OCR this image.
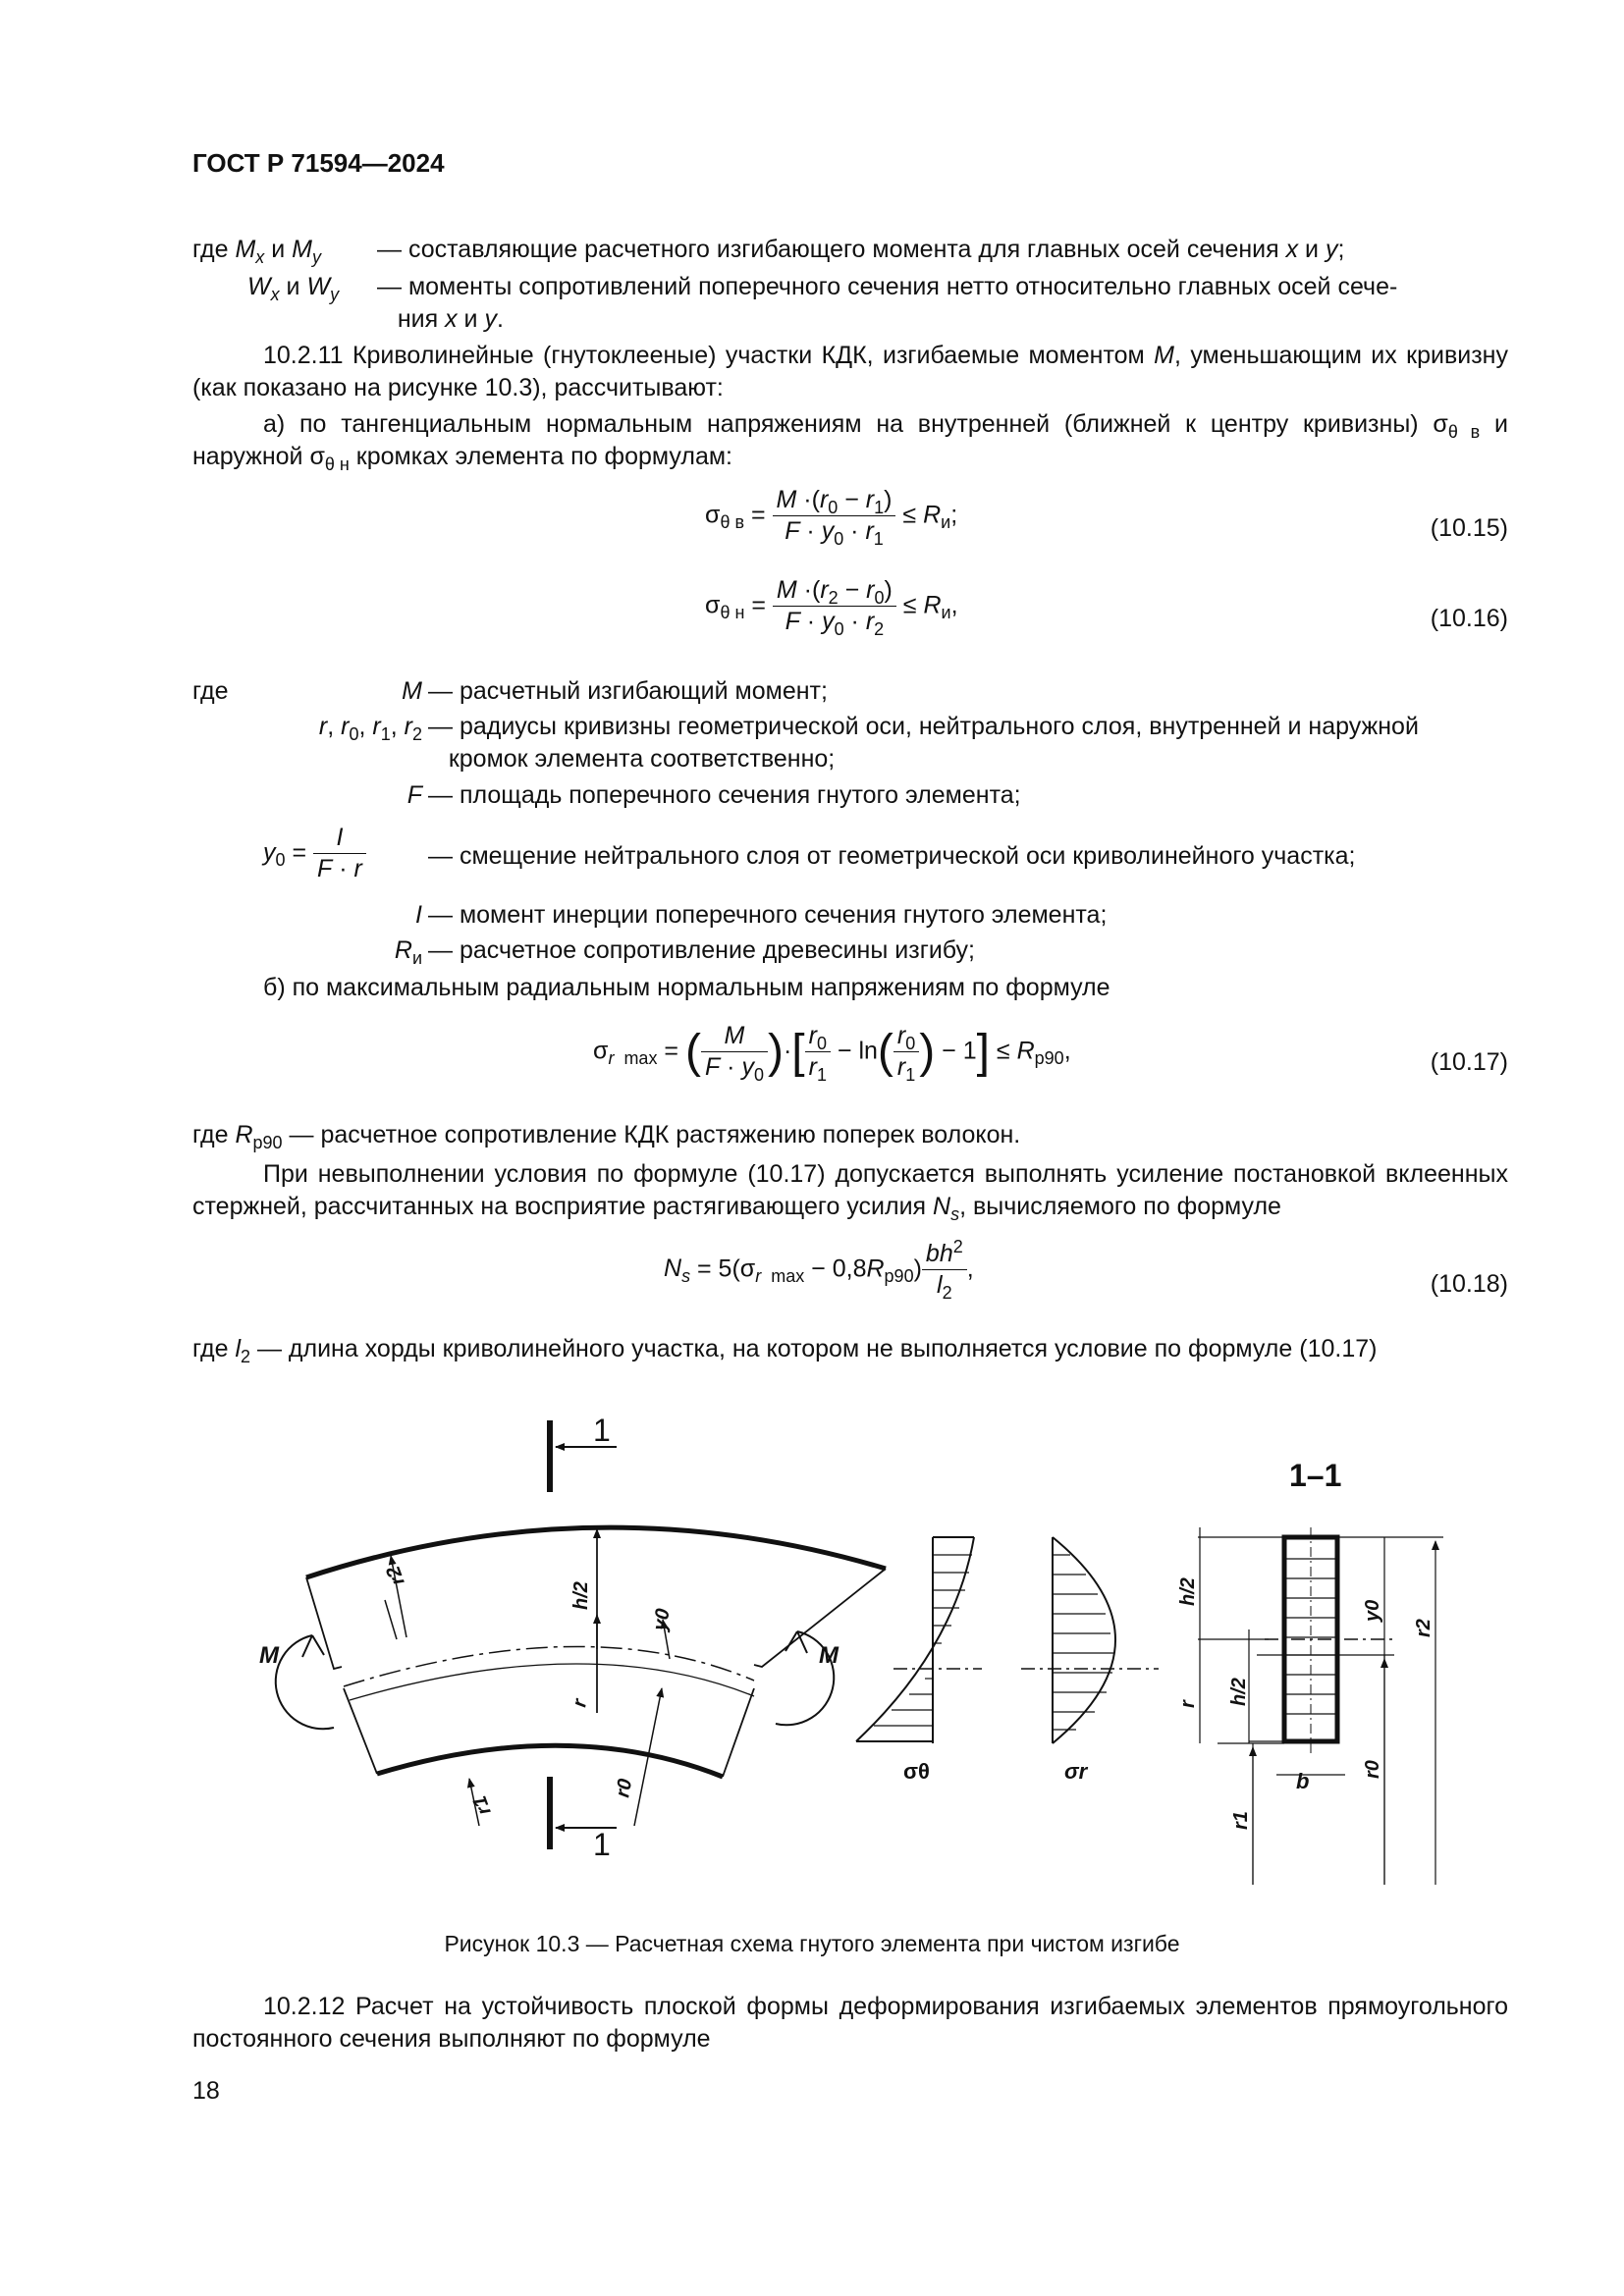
ГОСТ Р 71594—2024
где $M_x$ и $M_y$ — составляющие расчетного изгибающего момента для главных осей сечения x и y;
$W_x$ и $W_y$ — моменты сопротивлений поперечного сечения нетто относительно главных осей сече-
ния x и y.
10.2.11 Криволинейные (гнутоклееные) участки КДК, изгибаемые моментом M, уменьшающим их кривизну (как показано на рисунке 10.3), рассчитывают:
а) по тангенциальным нормальным напряжениям на внутренней (ближней к центру кривизны) $\sigma_{\theta в}$ и наружной $\sigma_{\theta н}$ кромках элемента по формулам:
$\sigma_{\theta в} = \frac{M \cdot(r_0 - r_1)}{F \cdot y_0 \cdot r_1} \le R_и$;	(10.15)
$\sigma_{\theta н} = \frac{M \cdot(r_2 - r_0)}{F \cdot y_0 \cdot r_2} \le R_и$,	(10.16)
где	M — расчетный изгибающий момент;
r, $r_0$, $r_1$, $r_2$ — радиусы кривизны геометрической оси, нейтрального слоя, внутренней и наружной
кромок элемента соответственно;
F — площадь поперечного сечения гнутого элемента;
$y_0 = \frac{I}{F \cdot r}$	— смещение нейтрального слоя от геометрической оси криволинейного участка;
I — момент инерции поперечного сечения гнутого элемента;
$R_и$ — расчетное сопротивление древесины изгибу;
б) по максимальным радиальным нормальным напряжениям по формуле
$\sigma_{r max}$ = ( $\frac{M}{F \cdot y_0}$ )·[ $\frac{r_0}{r_1} - \ln( \frac{r_0}{r_1}$ ) − $1] \le R_{р90}$,	(10.17)
где $R_{р90}$ — расчетное сопротивление КДК растяжению поперек волокон.
При невыполнении условия по формуле (10.17) допускается выполнять усиление постановкой вклеенных стержней, рассчитанных на восприятие растягивающего усилия $N_s$, вычисляемого по формуле
$N_s = 5(\sigma_{r max} - 0,8R_{р90}) \frac{bh^2}{l_2}$ ,
(10.18)
где $l_2$ — длина хорды криволинейного участка, на котором не выполняется условие по формуле (10.17)
1
1
1–1
M	M
σθ	σr	b
h/2
y0
r2
r
r0
r1
h/2
h/2
r
r1
y0
r0
r2
Рисунок 10.3 — Расчетная схема гнутого элемента при чистом изгибе
10.2.12 Расчет на устойчивость плоской формы деформирования изгибаемых элементов прямоугольного постоянного сечения выполняют по формуле
18
